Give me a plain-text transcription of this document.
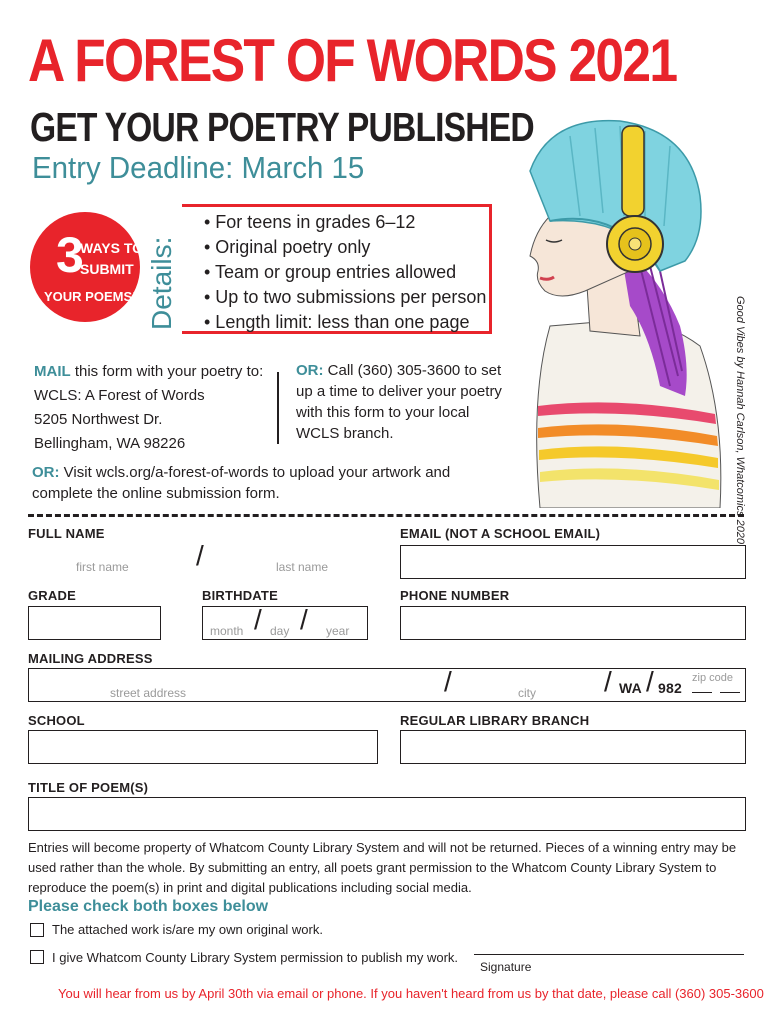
A FOREST OF WORDS 2021
GET YOUR POETRY PUBLISHED
Entry Deadline: March 15
3
WAYS TO
SUBMIT
YOUR POEMS! Details:
• For teens in grades 6–12
• Original poetry only
• Team or group entries allowed
• Up to two submissions per person
• Length limit: less than one page
MAIL this form with your poetry to:
WCLS: A Forest of Words
5205 Northwest Dr.
Bellingham, WA 98226
OR: Call (360) 305-3600 to set up a time to deliver your poetry with this form to your local WCLS branch.
OR: Visit wcls.org/a-forest-of-words to upload your artwork and
complete the online submission form.	Good Vibes by Hannah Carlson, Whatcomics 2020
FULL NAME
first name /	last name
EMAIL (NOT A SCHOOL EMAIL)
GRADE	BIRTHDATE
month / day / year
PHONE NUMBER
MAILING ADDRESS
street address	/	city / WA / 982
zip code
SCHOOL	REGULAR LIBRARY BRANCH
TITLE OF POEM(S)
Entries will become property of Whatcom County Library System and will not be returned. Pieces of a winning entry may be used rather than the whole. By submitting an entry, all poets grant permission to the Whatcom County Library System to reproduce the poem(s) in print and digital publications including social media.
Please check both boxes below
The attached work is/are my own original work.
I give Whatcom County Library System permission to publish my work.
Signature
You will hear from us by April 30th via email or phone. If you haven't heard from us by that date, please call (360) 305-3600
